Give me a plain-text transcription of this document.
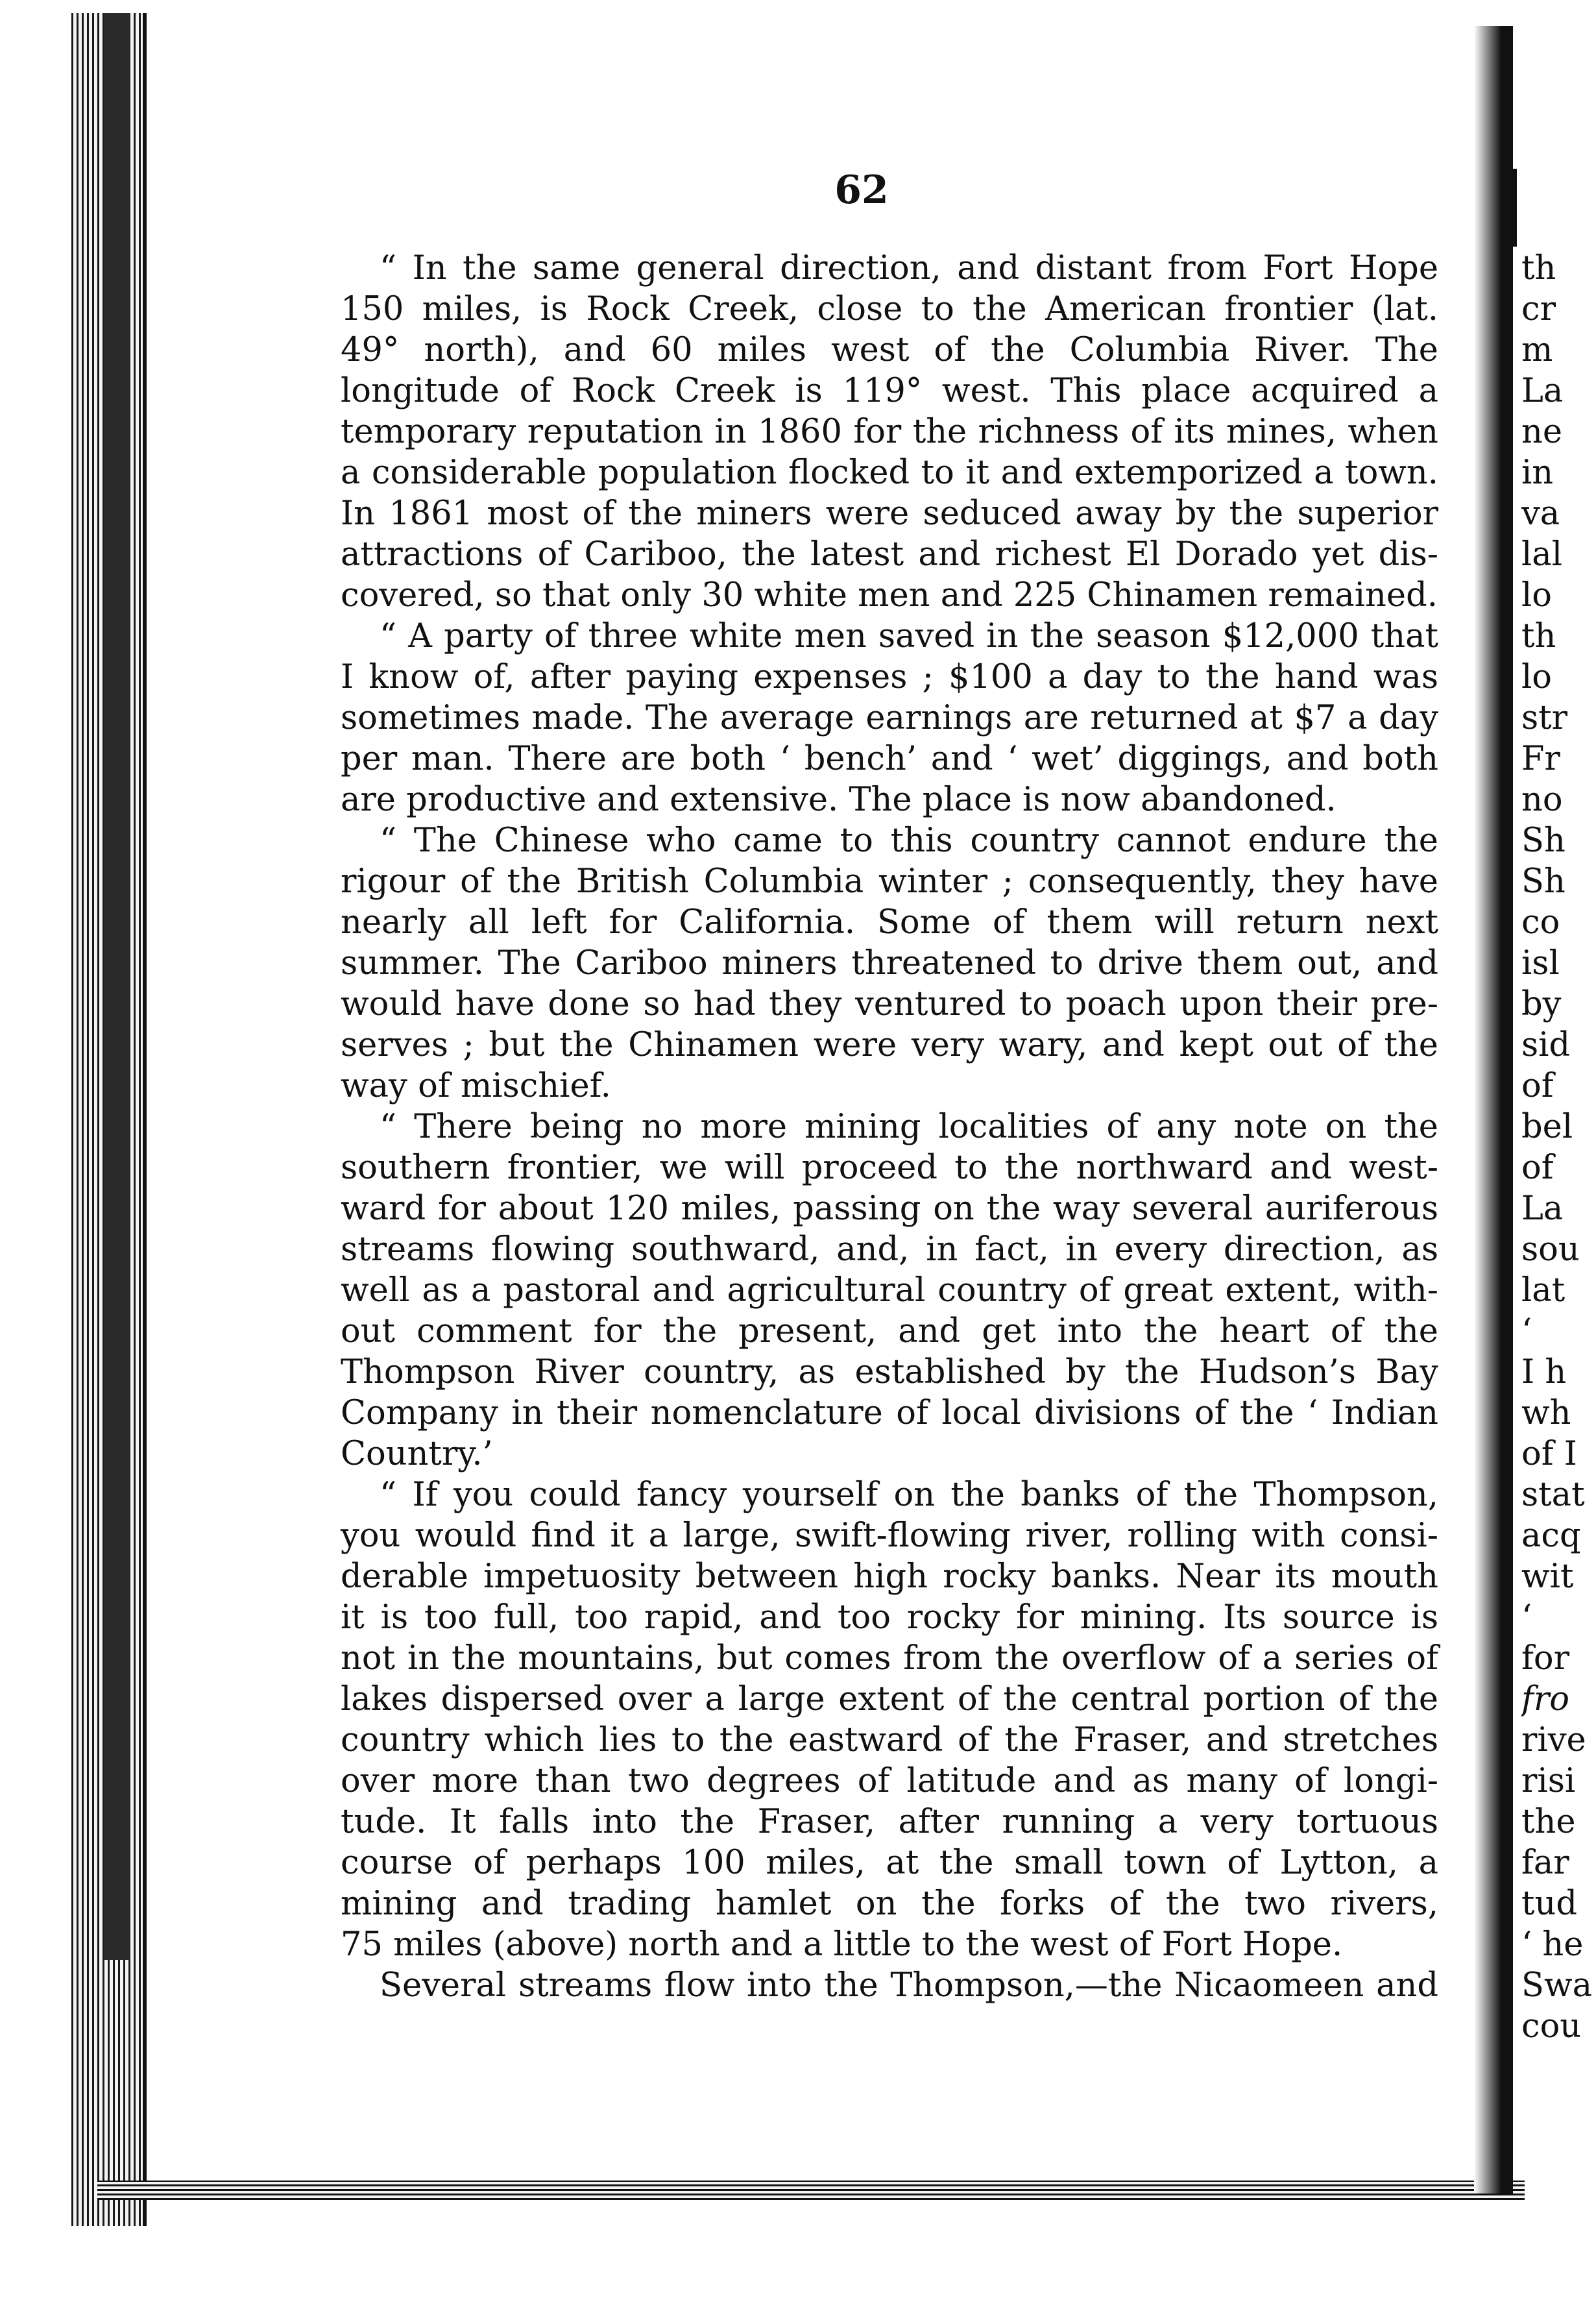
62
“ In the same general direction, and distant from Fort Hope
150 miles, is Rock Creek, close to the American frontier (lat.
49° north), and 60 miles west of the Columbia River. The
longitude of Rock Creek is 119° west. This place acquired a
temporary reputation in 1860 for the richness of its mines, when
a considerable population flocked to it and extemporized a town.
In 1861 most of the miners were seduced away by the superior
attractions of Cariboo, the latest and richest El Dorado yet dis-
covered, so that only 30 white men and 225 Chinamen remained.
“ A party of three white men saved in the season $12,000 that
I know of, after paying expenses ; $100 a day to the hand was
sometimes made. The average earnings are returned at $7 a day
per man. There are both ‘ bench’ and ‘ wet’ diggings, and both
are productive and extensive. The place is now abandoned.
“ The Chinese who came to this country cannot endure the
rigour of the British Columbia winter ; consequently, they have
nearly all left for California. Some of them will return next
summer. The Cariboo miners threatened to drive them out, and
would have done so had they ventured to poach upon their pre-
serves ; but the Chinamen were very wary, and kept out of the
way of mischief.
“ There being no more mining localities of any note on the
southern frontier, we will proceed to the northward and west-
ward for about 120 miles, passing on the way several auriferous
streams flowing southward, and, in fact, in every direction, as
well as a pastoral and agricultural country of great extent, with-
out comment for the present, and get into the heart of the
Thompson River country, as established by the Hudson’s Bay
Company in their nomenclature of local divisions of the ‘ Indian
Country.’
“ If you could fancy yourself on the banks of the Thompson,
you would find it a large, swift-flowing river, rolling with consi-
derable impetuosity between high rocky banks. Near its mouth
it is too full, too rapid, and too rocky for mining. Its source is
not in the mountains, but comes from the overflow of a series of
lakes dispersed over a large extent of the central portion of the
country which lies to the eastward of the Fraser, and stretches
over more than two degrees of latitude and as many of longi-
tude. It falls into the Fraser, after running a very tortuous
course of perhaps 100 miles, at the small town of Lytton, a
mining and trading hamlet on the forks of the two rivers,
75 miles (above) north and a little to the west of Fort Hope.
Several streams flow into the Thompson,—the Nicaomeen and
th
cr
m
La
ne
in
va
lal
lo
th
lo
str
Fr
no
Sh
Sh
co
isl
by
sid
of
bel
of
La
sou
lat
‘
I h
wh
of I
stat
acq
wit
‘
for
fro
rive
risi
the
far
tud
‘ he
Swa
cou
